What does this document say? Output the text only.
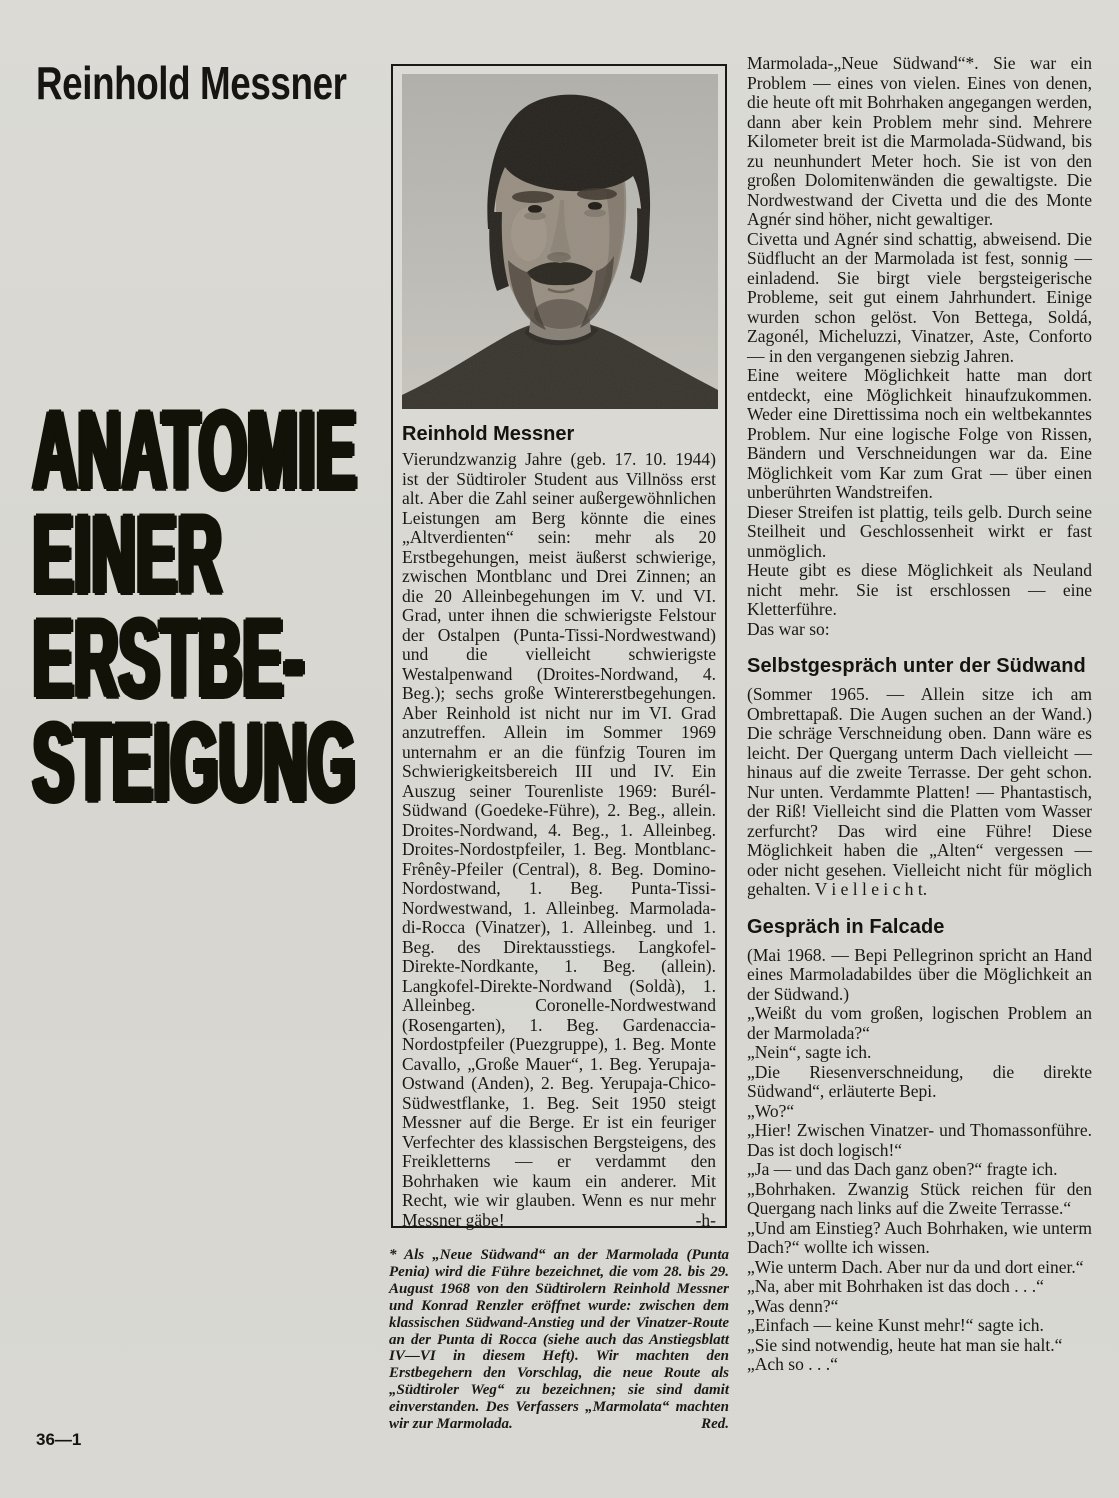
Reinhold Messner
ANATOMIE
EINER
ERSTBE-
STEIGUNG
Reinhold Messner
Vierundzwanzig Jahre (geb. 17. 10. 1944) ist der Südtiroler Student aus Villnöss erst alt. Aber die Zahl seiner außergewöhnlichen Leistungen am Berg könnte die eines „Altverdienten“ sein: mehr als 20 Erstbegehungen, meist äußerst schwierige, zwischen Montblanc und Drei Zinnen; an die 20 Alleinbegehungen im V. und VI. Grad, unter ihnen die schwierigste Felstour der Ostalpen (Punta-Tissi-Nordwestwand) und die vielleicht schwierigste Westalpenwand (Droites-Nordwand, 4. Beg.); sechs große Wintererstbegehungen. Aber Reinhold ist nicht nur im VI. Grad anzutreffen. Allein im Sommer 1969 unternahm er an die fünfzig Touren im Schwierigkeitsbereich III und IV. Ein Auszug seiner Tourenliste 1969: Burél-Südwand (Goedeke-Führe), 2. Beg., allein. Droites-Nordwand, 4. Beg., 1. Alleinbeg. Droites-Nordostpfeiler, 1. Beg. Montblanc-Frênêy-Pfeiler (Central), 8. Beg. Domino-Nordostwand, 1. Beg. Punta-Tissi-Nordwestwand, 1. Alleinbeg. Marmolada-di-Rocca (Vinatzer), 1. Alleinbeg. und 1. Beg. des Direktausstiegs. Langkofel-Direkte-Nordkante, 1. Beg. (allein). Langkofel-Direkte-Nordwand (Soldà), 1. Alleinbeg. Coronelle-Nordwestwand (Rosengarten), 1. Beg. Gardenaccia-Nordostpfeiler (Puezgruppe), 1. Beg. Monte Cavallo, „Große Mauer“, 1. Beg. Yerupaja-Ostwand (Anden), 2. Beg. Yerupaja-Chico-Südwestflanke, 1. Beg. Seit 1950 steigt Messner auf die Berge. Er ist ein feuriger Verfechter des klassischen Bergsteigens, des Freikletterns — er verdammt den Bohrhaken wie kaum ein anderer. Mit Recht, wie wir glauben. Wenn es nur mehr Messner gäbe!	-h-
* Als „Neue Südwand“ an der Marmolada (Punta Penia) wird die Führe bezeichnet, die vom 28. bis 29. August 1968 von den Südtirolern Reinhold Messner und Konrad Renzler eröffnet wurde: zwischen dem klassischen Südwand-Anstieg und der Vinatzer-Route an der Punta di Rocca (siehe auch das Anstiegsblatt IV—VI in diesem Heft). Wir machten den Erstbegehern den Vorschlag, die neue Route als „Südtiroler Weg“ zu bezeichnen; sie sind damit einverstanden. Des Verfassers „Marmolata“ machten wir zur Marmolada.	Red.

Marmolada-„Neue Südwand“*. Sie war ein Problem — eines von vielen. Eines von denen, die heute oft mit Bohrhaken angegangen werden, dann aber kein Problem mehr sind. Mehrere Kilometer breit ist die Marmolada-Südwand, bis zu neunhundert Meter hoch. Sie ist von den großen Dolomitenwänden die gewaltigste. Die Nordwestwand der Civetta und die des Monte Agnér sind höher, nicht gewaltiger.

Civetta und Agnér sind schattig, abweisend. Die Südflucht an der Marmolada ist fest, sonnig — einladend. Sie birgt viele bergsteigerische Probleme, seit gut einem Jahrhundert. Einige wurden schon gelöst. Von Bettega, Soldá, Zagonél, Micheluzzi, Vinatzer, Aste, Conforto — in den vergangenen siebzig Jahren.

Eine weitere Möglichkeit hatte man dort entdeckt, eine Möglichkeit hinaufzukommen. Weder eine Direttissima noch ein weltbekanntes Problem. Nur eine logische Folge von Rissen, Bändern und Verschneidungen war da. Eine Möglichkeit vom Kar zum Grat — über einen unberührten Wandstreifen.

Dieser Streifen ist plattig, teils gelb. Durch seine Steilheit und Geschlossenheit wirkt er fast unmöglich.

Heute gibt es diese Möglichkeit als Neuland nicht mehr. Sie ist erschlossen — eine Kletterführe.

Das war so:

Selbstgespräch unter der Südwand

(Sommer 1965. — Allein sitze ich am Ombrettapaß. Die Augen suchen an der Wand.) Die schräge Verschneidung oben. Dann wäre es leicht. Der Quergang unterm Dach vielleicht — hinaus auf die zweite Terrasse. Der geht schon. Nur unten. Verdammte Platten! — Phantastisch, der Riß! Vielleicht sind die Platten vom Wasser zerfurcht? Das wird eine Führe! Diese Möglichkeit haben die „Alten“ vergessen — oder nicht gesehen. Vielleicht nicht für möglich gehalten. V i e l l e i c h t.

Gespräch in Falcade

(Mai 1968. — Bepi Pellegrinon spricht an Hand eines Marmoladabildes über die Möglichkeit an der Südwand.)

„Weißt du vom großen, logischen Problem an der Marmolada?“

„Nein“, sagte ich.

„Die Riesenverschneidung, die direkte Südwand“, erläuterte Bepi.

„Wo?“

„Hier! Zwischen Vinatzer- und Thomassonführe. Das ist doch logisch!“

„Ja — und das Dach ganz oben?“ fragte ich.

„Bohrhaken. Zwanzig Stück reichen für den Quergang nach links auf die Zweite Terrasse.“

„Und am Einstieg? Auch Bohrhaken, wie unterm Dach?“ wollte ich wissen.

„Wie unterm Dach. Aber nur da und dort einer.“

„Na, aber mit Bohrhaken ist das doch . . .“

„Was denn?“

„Einfach — keine Kunst mehr!“ sagte ich.

„Sie sind notwendig, heute hat man sie halt.“

„Ach so . . .“

36—1
